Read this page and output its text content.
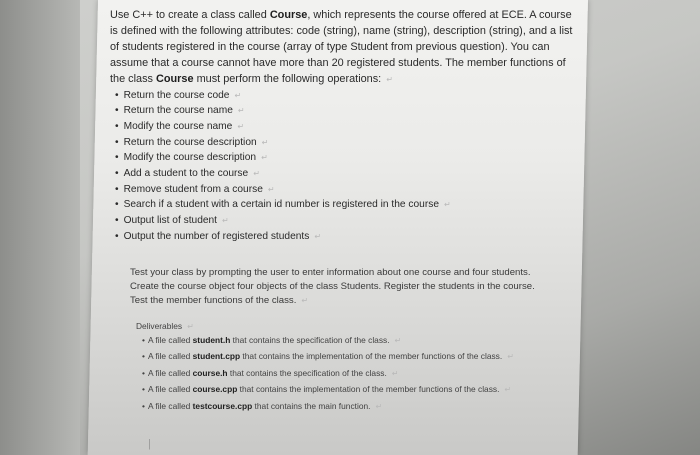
Use C++ to create a class called Course, which represents the course offered at ECE. A course is defined with the following attributes: code (string), name (string), description (string), and a list of students registered in the course (array of type Student from previous question). You can assume that a course cannot have more than 20 registered students. The member functions of the class Course must perform the following operations: ↵

• Return the course code ↵
• Return the course name ↵
• Modify the course name ↵
• Return the course description ↵
• Modify the course description ↵
• Add a student to the course ↵
• Remove student from a course ↵
• Search if a student with a certain id number is registered in the course ↵
• Output list of student ↵
• Output the number of registered students ↵

Test your class by prompting the user to enter information about one course and four students. Create the course object four objects of the class Students. Register the students in the course. Test the member functions of the class. ↵

Deliverables ↵

• A file called student.h that contains the specification of the class. ↵
• A file called student.cpp that contains the implementation of the member functions of the class. ↵
• A file called course.h that contains the specification of the class. ↵
• A file called course.cpp that contains the implementation of the member functions of the class. ↵
• A file called testcourse.cpp that contains the main function. ↵
|
